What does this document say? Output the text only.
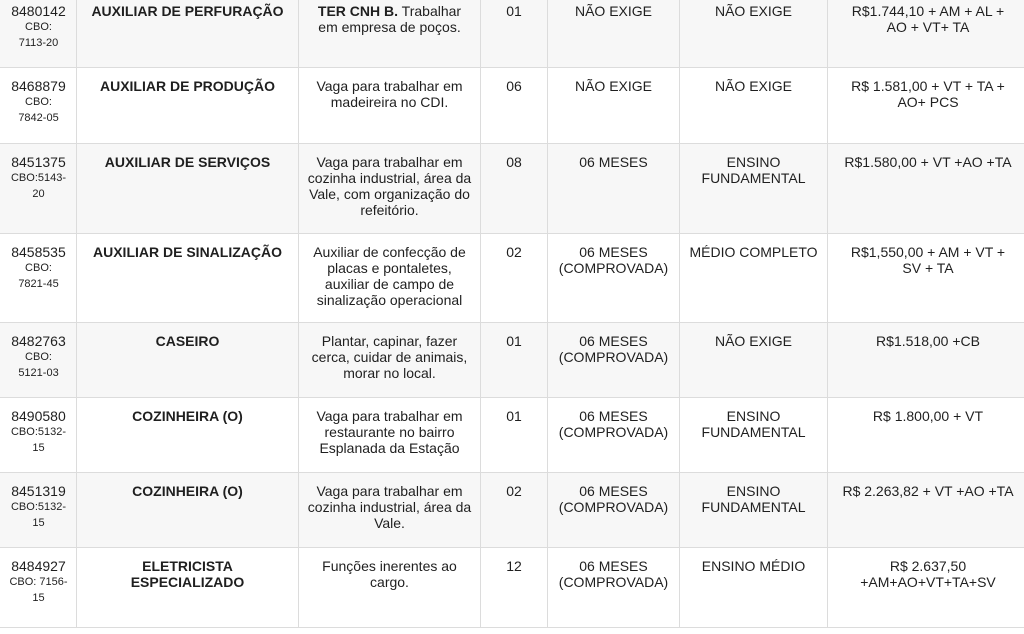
8480142
CBO:
7113-20	AUXILIAR DE PERFURAÇÃO	TER CNH B. Trabalhar
em empresa de poços.	01	NÃO EXIGE	NÃO EXIGE	R$1.744,10 + AM + AL +
AO + VT+ TA

8468879
CBO:
7842-05	AUXILIAR DE PRODUÇÃO	Vaga para trabalhar em
madeireira no CDI.	06	NÃO EXIGE	NÃO EXIGE	R$ 1.581,00 + VT + TA +
AO+ PCS

8451375
CBO:5143-
20	AUXILIAR DE SERVIÇOS	Vaga para trabalhar em
cozinha industrial, área da
Vale, com organização do
refeitório.	08	06 MESES	ENSINO
FUNDAMENTAL	R$1.580,00 + VT +AO +TA

8458535
CBO:
7821-45	AUXILIAR DE SINALIZAÇÃO	Auxiliar de confecção de
placas e pontaletes,
auxiliar de campo de
sinalização operacional	02	06 MESES
(COMPROVADA)	MÉDIO COMPLETO	R$1,550,00 + AM + VT +
SV + TA

8482763
CBO:
5121-03	CASEIRO	Plantar, capinar, fazer
cerca, cuidar de animais,
morar no local.	01	06 MESES
(COMPROVADA)	NÃO EXIGE	R$1.518,00 +CB

8490580
CBO:5132-
15	COZINHEIRA (O)	Vaga para trabalhar em
restaurante no bairro
Esplanada da Estação	01	06 MESES
(COMPROVADA)	ENSINO
FUNDAMENTAL	R$ 1.800,00 + VT

8451319
CBO:5132-
15	COZINHEIRA (O)	Vaga para trabalhar em
cozinha industrial, área da
Vale.	02	06 MESES
(COMPROVADA)	ENSINO
FUNDAMENTAL	R$ 2.263,82 + VT +AO +TA

8484927
CBO: 7156-
15	ELETRICISTA
ESPECIALIZADO	Funções inerentes ao
cargo.	12	06 MESES
(COMPROVADA)	ENSINO MÉDIO	R$ 2.637,50
+AM+AO+VT+TA+SV
